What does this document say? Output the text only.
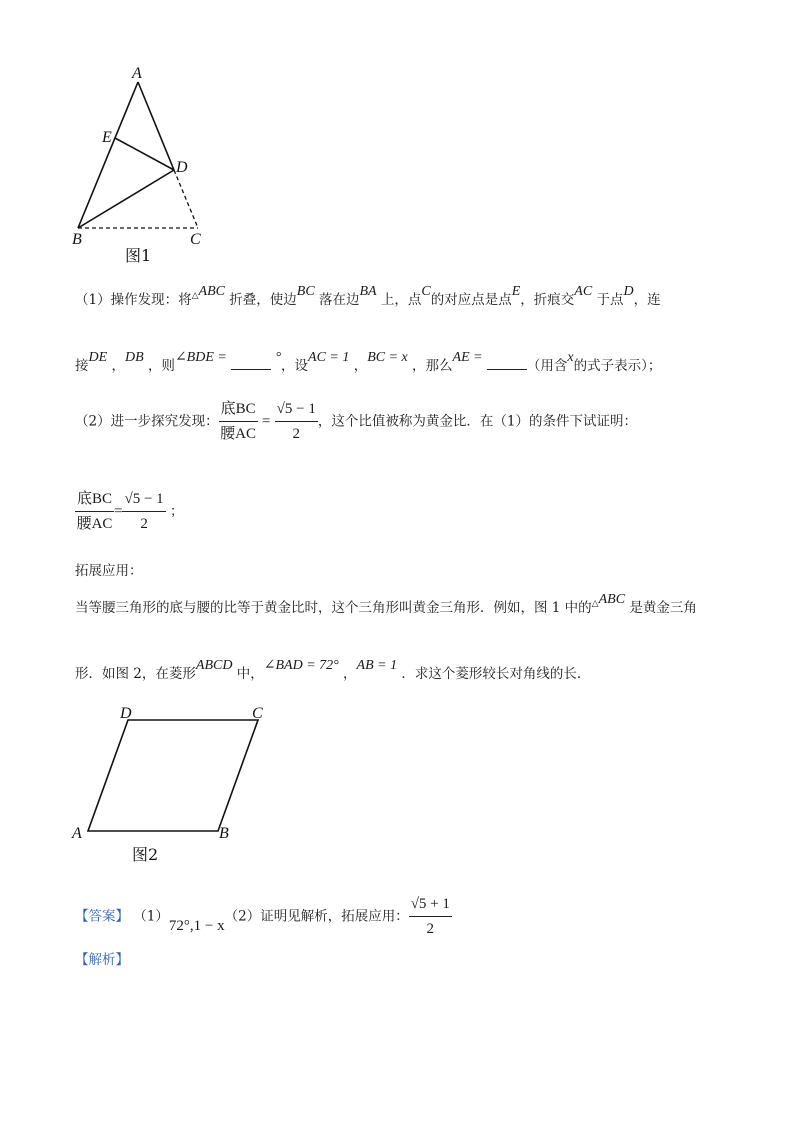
A
E
D
B	C
图1
（1）操作发现：将△ABC 折叠，使边BC 落在边BA 上，点C的对应点是点E，折痕交AC 于点D，连
接DE ，DB ，则∠BDE =	°，设AC = 1 ，BC = x ，那么AE = （用含x的式子表示）；
（2）进一步探究发现： $\frac{\text{底BC}}{\text{腰AC}} = \frac{√5 - 1}{2}$ ，这个比值被称为黄金比．在（1）的条件下试证明：
$\frac{\text{底BC}}{\text{腰AC}} = \frac{√5 - 1}{2}$ ；
拓展应用：
当等腰三角形的底与腰的比等于黄金比时，这个三角形叫黄金三角形．例如，图 1 中的△ABC 是黄金三角
形．如图 2，在菱形ABCD 中，∠BAD = 72° ，AB = 1 ．求这个菱形较长对角线的长．
D	C
A	B
图2
【答案】 （1）72°,1 − x（2）证明见解析，拓展应用： $\frac{√5 + 1}{2}$
【解析】
